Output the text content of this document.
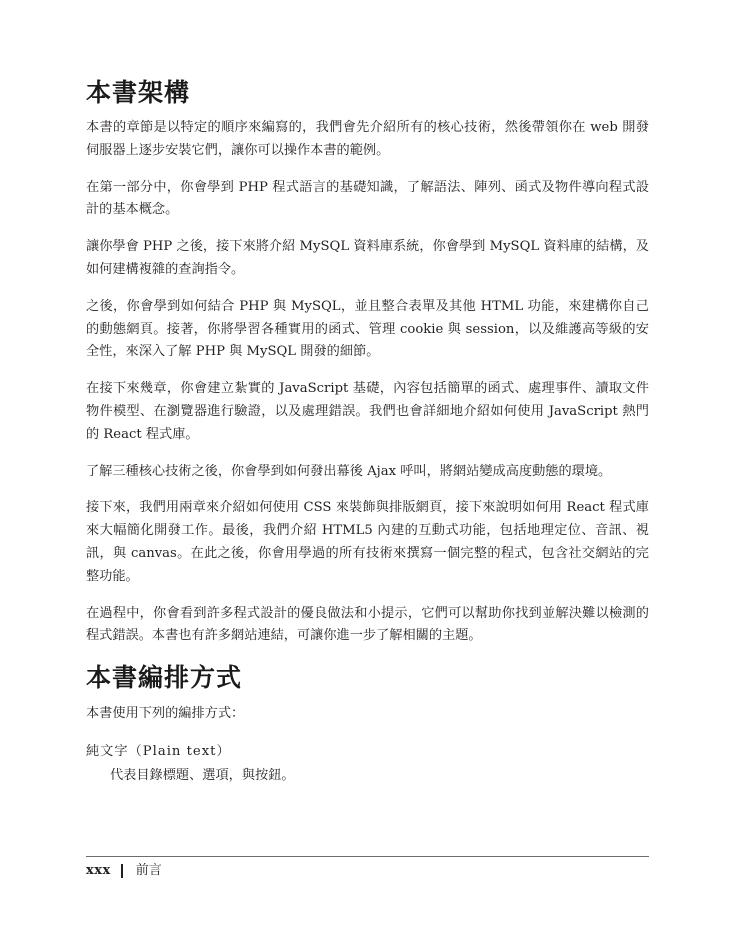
本書架構

本書的章節是以特定的順序來編寫的，我們會先介紹所有的核心技術，然後帶領你在 web 開發伺服器上逐步安裝它們，讓你可以操作本書的範例。

在第一部分中，你會學到 PHP 程式語言的基礎知識，了解語法、陣列、函式及物件導向程式設計的基本概念。

讓你學會 PHP 之後，接下來將介紹 MySQL 資料庫系統，你會學到 MySQL 資料庫的結構，及如何建構複雜的查詢指令。

之後，你會學到如何結合 PHP 與 MySQL，並且整合表單及其他 HTML 功能，來建構你自己的動態網頁。接著，你將學習各種實用的函式、管理 cookie 與 session，以及維護高等級的安全性，來深入了解 PHP 與 MySQL 開發的細節。

在接下來幾章，你會建立紮實的 JavaScript 基礎，內容包括簡單的函式、處理事件、讀取文件物件模型、在瀏覽器進行驗證，以及處理錯誤。我們也會詳細地介紹如何使用 JavaScript 熱門的 React 程式庫。

了解三種核心技術之後，你會學到如何發出幕後 Ajax 呼叫，將網站變成高度動態的環境。

接下來，我們用兩章來介紹如何使用 CSS 來裝飾與排版網頁，接下來說明如何用 React 程式庫來大幅簡化開發工作。最後，我們介紹 HTML5 內建的互動式功能，包括地理定位、音訊、視訊，與 canvas。在此之後，你會用學過的所有技術來撰寫一個完整的程式，包含社交網站的完整功能。

在過程中，你會看到許多程式設計的優良做法和小提示，它們可以幫助你找到並解決難以檢測的程式錯誤。本書也有許多網站連結，可讓你進一步了解相關的主題。

本書編排方式

本書使用下列的編排方式：

純文字（Plain text）
代表目錄標題、選項，與按鈕。
xxx 前言
